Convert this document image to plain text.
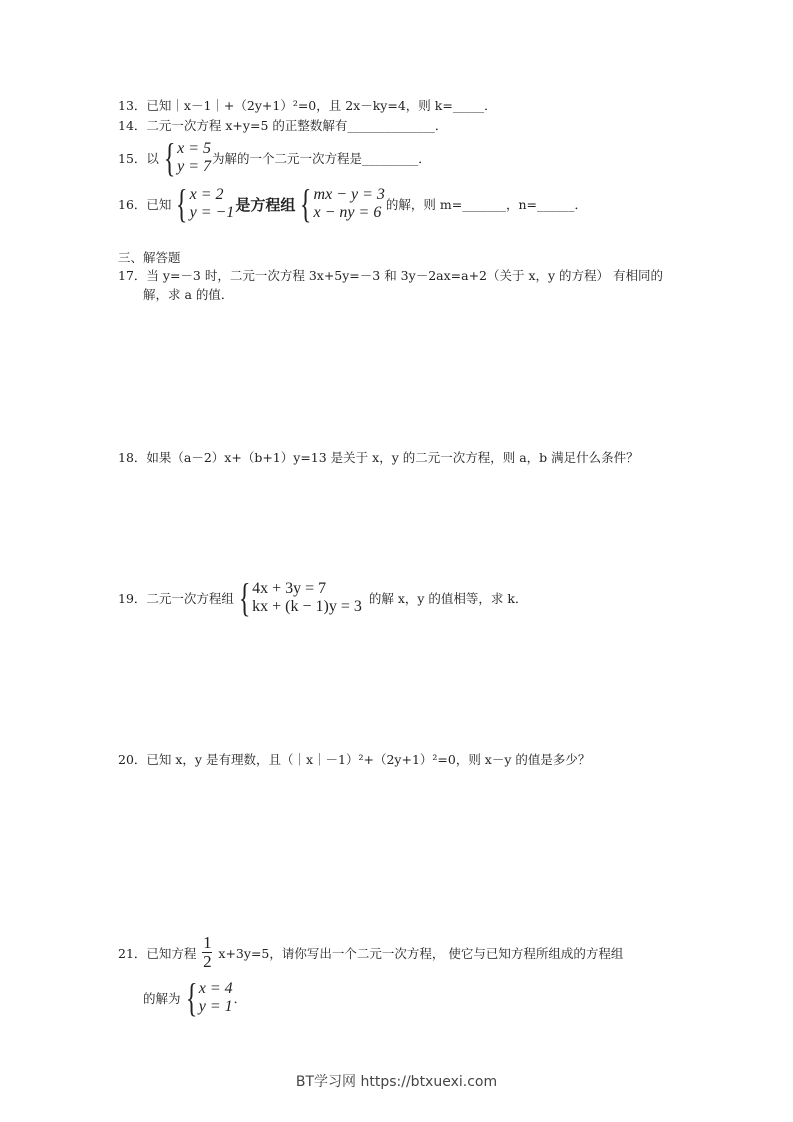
13．已知｜x－1｜+（2y+1）²=0，且 2x－ky=4，则 k=_____．
14．二元一次方程 x+y=5 的正整数解有______________．
15．以 { x = 5
y = 7 为解的一个二元一次方程是_________．
16．已知 { x = 2
y = −1 是方程组 { mx − y = 3
x − ny = 6 的解，则 m=_______，n=______．
三、解答题
17．当 y=－3 时，二元一次方程 3x+5y=－3 和 3y－2ax=a+2（关于 x，y 的方程） 有相同的
解，求 a 的值．
18．如果（a－2）x+（b+1）y=13 是关于 x，y 的二元一次方程，则 a，b 满足什么条件？
19．二元一次方程组 { 4x + 3y = 7
kx + (k − 1)y = 3 的解 x，y 的值相等，求 k．
20．已知 x，y 是有理数，且（｜x｜－1）²+（2y+1）²=0，则 x－y 的值是多少？
21．已知方程 $\frac{1}{2} x+3y=5$，请你写出一个二元一次方程， 使它与已知方程所组成的方程组
的解为 { x = 4
y = 1 ．
BT学习网 https://btxuexi.com
